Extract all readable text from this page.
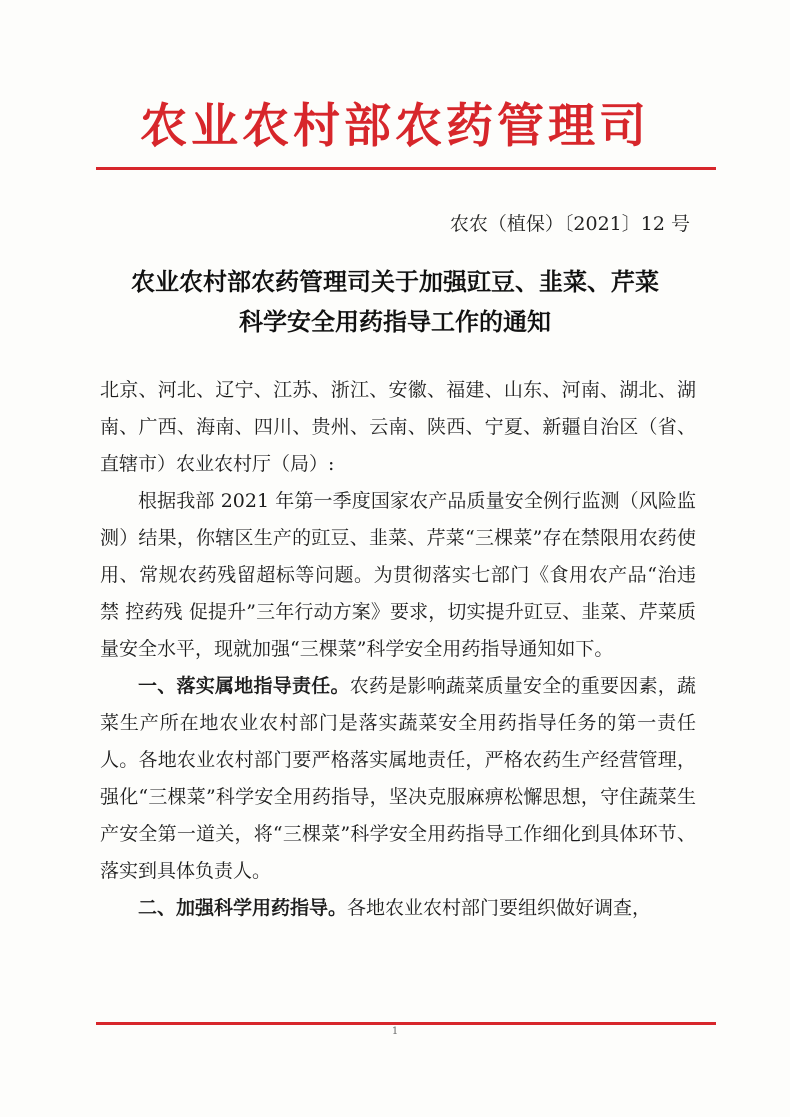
农业农村部农药管理司
农农（植保）〔2021〕12 号
农业农村部农药管理司关于加强豇豆、韭菜、芹菜
科学安全用药指导工作的通知

北京、河北、辽宁、江苏、浙江、安徽、福建、山东、河南、湖北、湖南、广西、海南、四川、贵州、云南、陕西、宁夏、新疆自治区（省、直辖市）农业农村厅（局）:

根据我部 2021 年第一季度国家农产品质量安全例行监测（风险监测）结果，你辖区生产的豇豆、韭菜、芹菜“三棵菜”存在禁限用农药使用、常规农药残留超标等问题。为贯彻落实七部门《食用农产品“治违禁 控药残 促提升”三年行动方案》要求，切实提升豇豆、韭菜、芹菜质量安全水平，现就加强“三棵菜”科学安全用药指导通知如下。

一、落实属地指导责任。农药是影响蔬菜质量安全的重要因素，蔬菜生产所在地农业农村部门是落实蔬菜安全用药指导任务的第一责任人。各地农业农村部门要严格落实属地责任，严格农药生产经营管理，强化“三棵菜”科学安全用药指导，坚决克服麻痹松懈思想，守住蔬菜生产安全第一道关，将“三棵菜”科学安全用药指导工作细化到具体环节、落实到具体负责人。

二、加强科学用药指导。各地农业农村部门要组织做好调查，

1
